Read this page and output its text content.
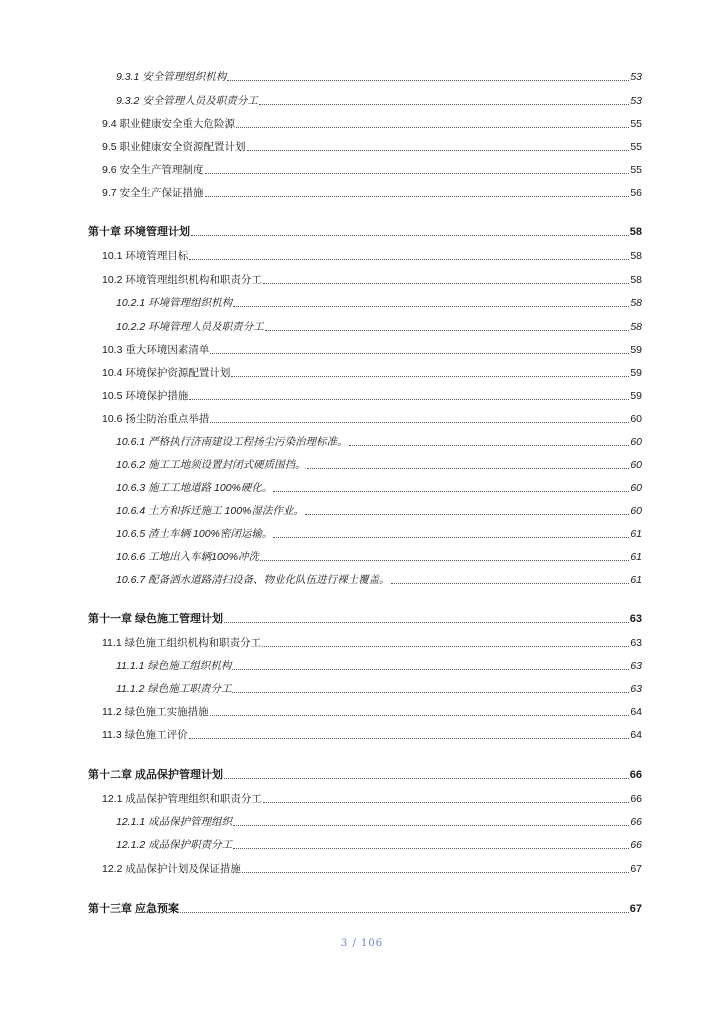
9.3.1 安全管理组织机构	53
9.3.2 安全管理人员及职责分工	53
9.4 职业健康安全重大危险源	55
9.5 职业健康安全资源配置计划	55
9.6 安全生产管理制度	55
9.7 安全生产保证措施	56
第十章 环境管理计划	58
10.1 环境管理目标	58
10.2 环境管理组织机构和职责分工	58
10.2.1 环境管理组织机构	58
10.2.2 环境管理人员及职责分工	58
10.3 重大环境因素清单	59
10.4 环境保护资源配置计划	59
10.5 环境保护措施	59
10.6 扬尘防治重点举措	60
10.6.1 严格执行济南建设工程扬尘污染治理标准。	60
10.6.2 施工工地须设置封闭式硬质围挡。	60
10.6.3 施工工地道路 100%硬化。	60
10.6.4 土方和拆迁施工 100%湿法作业。	60
10.6.5 渣土车辆 100%密闭运输。	61
10.6.6 工地出入车辆100%冲洗	61
10.6.7 配备洒水道路清扫设备、物业化队伍进行裸土覆盖。	61
第十一章 绿色施工管理计划	63
11.1 绿色施工组织机构和职责分工	63
11.1.1 绿色施工组织机构	63
11.1.2 绿色施工职责分工	63
11.2 绿色施工实施措施	64
11.3 绿色施工评价	64
第十二章 成品保护管理计划	66
12.1 成品保护管理组织和职责分工	66
12.1.1 成品保护管理组织	66
12.1.2 成品保护职责分工	66
12.2 成品保护计划及保证措施	67
第十三章 应急预案	67
3 / 106
